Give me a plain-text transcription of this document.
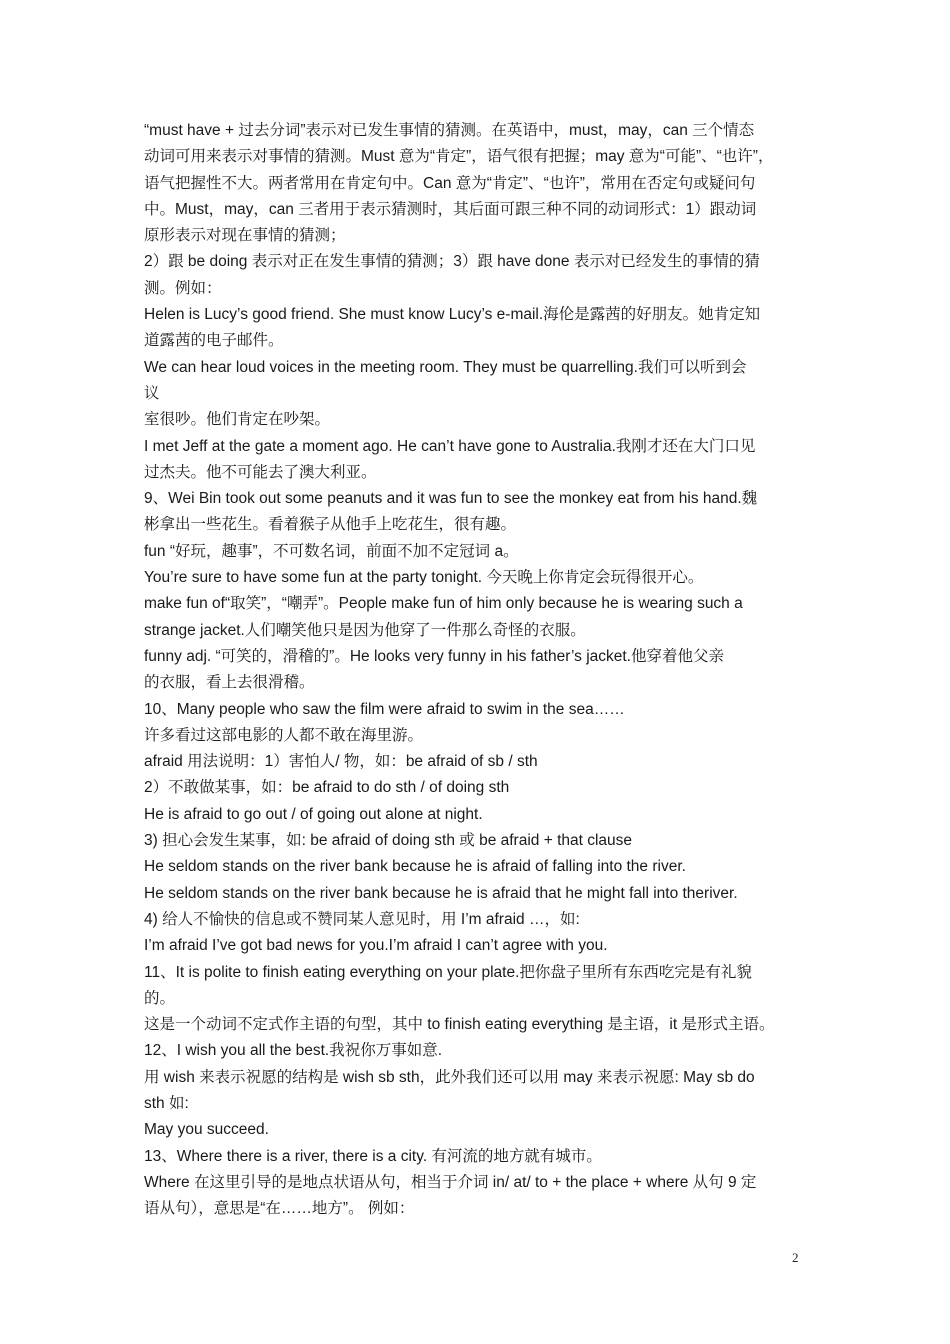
“must have + 过去分词”表示对已发生事情的猜测。在英语中，must，may，can 三个情态
动词可用来表示对事情的猜测。Must 意为“肯定”，语气很有把握；may 意为“可能”、“也许”，
语气把握性不大。两者常用在肯定句中。Can 意为“肯定”、“也许”，常用在否定句或疑问句
中。Must，may，can 三者用于表示猜测时，其后面可跟三种不同的动词形式：1）跟动词
原形表示对现在事情的猜测；
2）跟 be doing 表示对正在发生事情的猜测；3）跟 have done 表示对已经发生的事情的猜
测。例如：
Helen is Lucy’s good friend. She must know Lucy’s e-mail.海伦是露茜的好朋友。她肯定知
道露茜的电子邮件。
We can hear loud voices in the meeting room. They must be quarrelling.我们可以听到会
议
室很吵。他们肯定在吵架。
I met Jeff at the gate a moment ago. He can’t have gone to Australia.我刚才还在大门口见
过杰夫。他不可能去了澳大利亚。
9、Wei Bin took out some peanuts and it was fun to see the monkey eat from his hand.魏
彬拿出一些花生。看着猴子从他手上吃花生，很有趣。
fun “好玩，趣事”，不可数名词，前面不加不定冠词 a。
You’re sure to have some fun at the party tonight. 今天晚上你肯定会玩得很开心。
make fun of“取笑”，“嘲弄”。People make fun of him only because he is wearing such a
strange jacket.人们嘲笑他只是因为他穿了一件那么奇怪的衣服。
funny adj. “可笑的，滑稽的”。He looks very funny in his father’s jacket.他穿着他父亲
的衣服，看上去很滑稽。
10、Many people who saw the film were afraid to swim in the sea……
许多看过这部电影的人都不敢在海里游。
afraid 用法说明：1）害怕人/ 物，如：be afraid of sb / sth
2）不敢做某事，如：be afraid to do sth / of doing sth
He is afraid to go out / of going out alone at night.
3) 担心会发生某事，如: be afraid of doing sth 或 be afraid + that clause
He seldom stands on the river bank because he is afraid of falling into the river.
He seldom stands on the river bank because he is afraid that he might fall into theriver.
4) 给人不愉快的信息或不赞同某人意见时，用 I’m afraid …，如:
I’m afraid I’ve got bad news for you.I’m afraid I can’t agree with you.
11、It is polite to finish eating everything on your plate.把你盘子里所有东西吃完是有礼貌
的。
这是一个动词不定式作主语的句型，其中 to finish eating everything 是主语，it 是形式主语。
12、I wish you all the best.我祝你万事如意.
用 wish 来表示祝愿的结构是 wish sb sth，此外我们还可以用 may 来表示祝愿: May sb do
sth 如:
May you succeed.
13、Where there is a river, there is a city. 有河流的地方就有城市。
Where 在这里引导的是地点状语从句，相当于介词 in/ at/ to + the place + where 从句 9 定
语从句），意思是“在……地方”。 例如：
2
